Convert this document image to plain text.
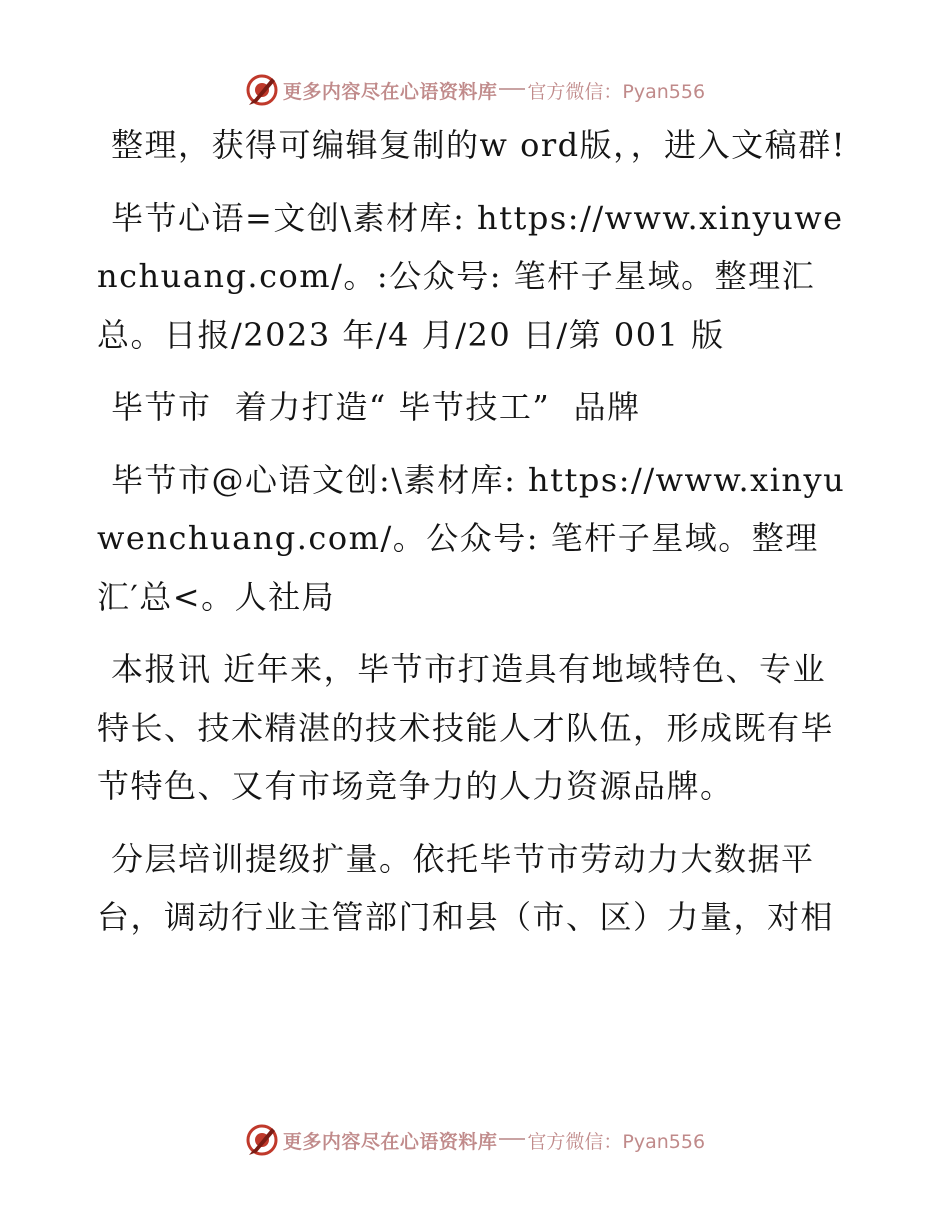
更多内容尽在心语资料库 官方微信：Pyan556

整理，获得可编辑复制的w ord版，，进入文稿群!

毕节心语=文创\素材库: https://www.xinyuwenchuang.com/。:公众号: 笔杆子星域。整理汇总。日报/2023 年/4 月/20 日/第 001 版

毕节市  着力打造“ 毕节技工”  品牌

毕节市@心语文创:\素材库: https://www.xinyuwenchuang.com/。公众号: 笔杆子星域。整理汇′总<。人社局

本报讯 近年来，毕节市打造具有地域特色、专业特长、技术精湛的技术技能人才队伍，形成既有毕节特色、又有市场竞争力的人力资源品牌。

分层培训提级扩量。依托毕节市劳动力大数据平台，调动行业主管部门和县（市、区）力量，对相

更多内容尽在心语资料库 官方微信：Pyan556
